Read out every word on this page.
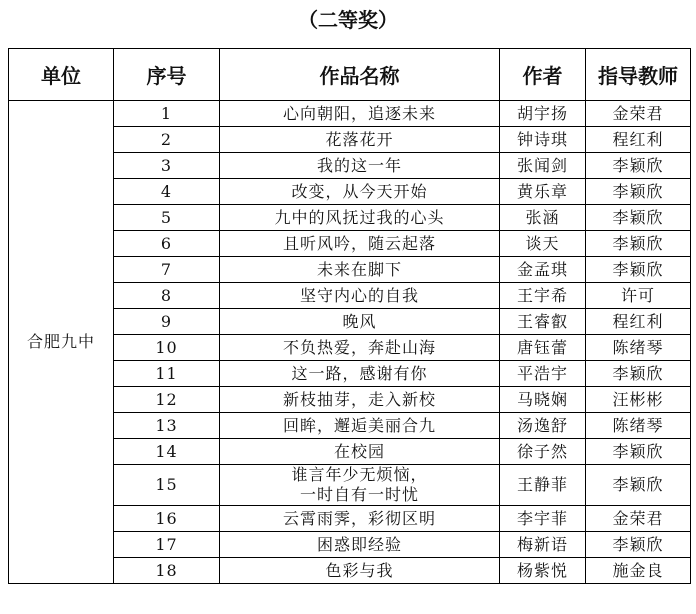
（二等奖）
单位	序号	作品名称	作者	指导教师
合肥九中	1	心向朝阳，追逐未来	胡宇扬	金荣君
	2	花落花开	钟诗琪	程红利
	3	我的这一年	张闻剑	李颖欣
	4	改变，从今天开始	黄乐章	李颖欣
	5	九中的风抚过我的心头	张涵	李颖欣
	6	且听风吟，随云起落	谈天	李颖欣
	7	未来在脚下	金孟琪	李颖欣
	8	坚守内心的自我	王宇希	许可
	9	晚风	王睿叡	程红利
	10	不负热爱，奔赴山海	唐钰蕾	陈绪琴
	11	这一路，感谢有你	平浩宇	李颖欣
	12	新枝抽芽，走入新校	马晓娴	汪彬彬
	13	回眸，邂逅美丽合九	汤逸舒	陈绪琴
	14	在校园	徐子然	李颖欣
	15	谁言年少无烦恼，
一时自有一时忧	王静菲	李颖欣
	16	云霄雨霁，彩彻区明	李宇菲	金荣君
	17	困惑即经验	梅新语	李颖欣
	18	色彩与我	杨紫悦	施金良
